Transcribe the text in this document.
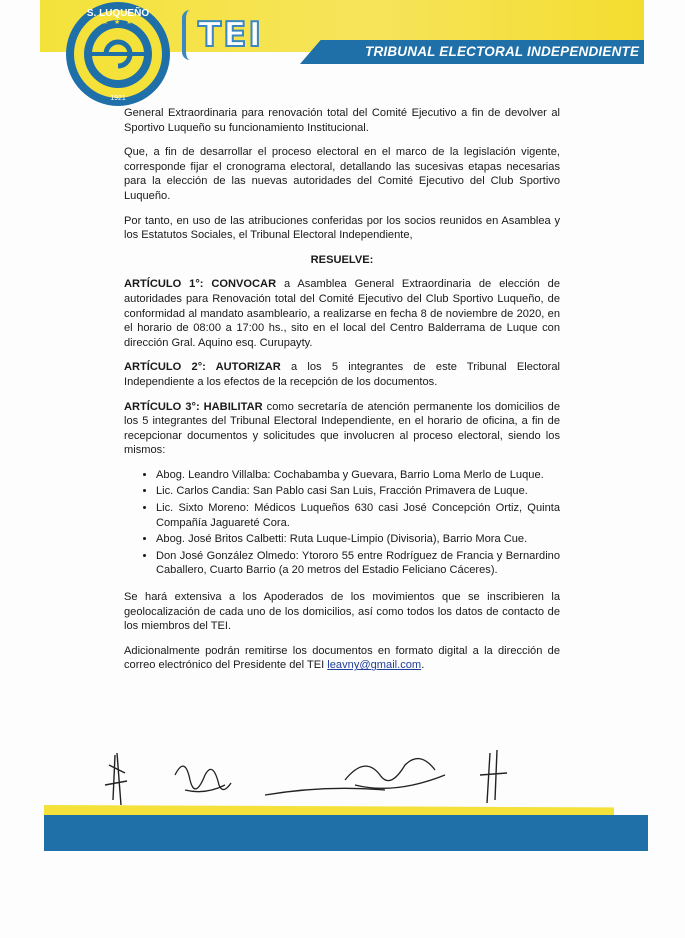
TRIBUNAL ELECTORAL INDEPENDIENTE
TEI
S. LUQUEÑO
1921
★ ★ ★

General Extraordinaria para renovación total del Comité Ejecutivo a fin de devolver al Sportivo Luqueño su funcionamiento Institucional.

Que, a fin de desarrollar el proceso electoral en el marco de la legislación vigente, corresponde fijar el cronograma electoral, detallando las sucesivas etapas necesarias para la elección de las nuevas autoridades del Comité Ejecutivo del Club Sportivo Luqueño.

Por tanto, en uso de las atribuciones conferidas por los socios reunidos en Asamblea y los Estatutos Sociales, el Tribunal Electoral Independiente,

RESUELVE:

ARTÍCULO 1°: CONVOCAR a Asamblea General Extraordinaria de elección de autoridades para Renovación total del Comité Ejecutivo del Club Sportivo Luqueño, de conformidad al mandato asambleario, a realizarse en fecha 8 de noviembre de 2020, en el horario de 08:00 a 17:00 hs., sito en el local del Centro Balderrama de Luque con dirección Gral. Aquino esq. Curupayty.

ARTÍCULO 2°: AUTORIZAR a los 5 integrantes de este Tribunal Electoral Independiente a los efectos de la recepción de los documentos.

ARTÍCULO 3°: HABILITAR como secretaría de atención permanente los domicilios de los 5 integrantes del Tribunal Electoral Independiente, en el horario de oficina, a fin de recepcionar documentos y solicitudes que involucren al proceso electoral, siendo los mismos:

• Abog. Leandro Villalba: Cochabamba y Guevara, Barrio Loma Merlo de Luque.
• Lic. Carlos Candia: San Pablo casi San Luis, Fracción Primavera de Luque.
• Lic. Sixto Moreno: Médicos Luqueños 630 casi José Concepción Ortiz, Quinta Compañía Jaguareté Cora.
• Abog. José Britos Calbetti: Ruta Luque-Limpio (Divisoria), Barrio Mora Cue.
• Don José González Olmedo: Ytororo 55 entre Rodríguez de Francia y Bernardino Caballero, Cuarto Barrio (a 20 metros del Estadio Feliciano Cáceres).

Se hará extensiva a los Apoderados de los movimientos que se inscribieren la geolocalización de cada uno de los domicilios, así como todos los datos de contacto de los miembros del TEI.

Adicionalmente podrán remitirse los documentos en formato digital a la dirección de correo electrónico del Presidente del TEI leavny@gmail.com.
